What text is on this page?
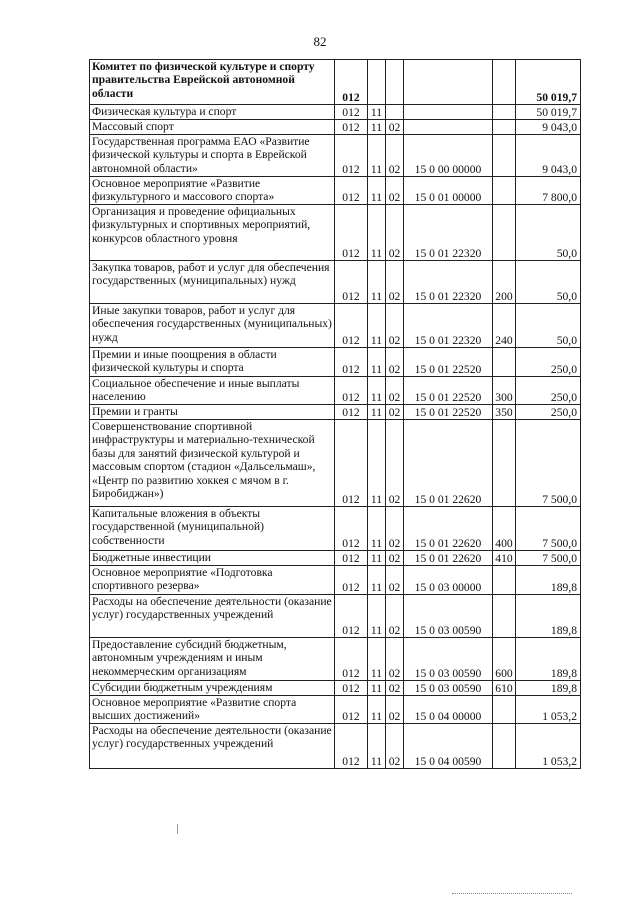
82
Комитет по физической культуре и спорту правительства Еврейской автономной области	012					50 019,7
Физическая культура и спорт	012	11				50 019,7
Массовый спорт	012	11	02			9 043,0
Государственная программа ЕАО «Развитие физической культуры и спорта в Еврейской автономной области»	012	11	02	15 0 00 00000		9 043,0
Основное мероприятие «Развитие физкультурного и массового спорта»	012	11	02	15 0 01 00000		7 800,0
Организация и проведение официальных физкультурных и спортивных мероприятий, конкурсов областного уровня	012	11	02	15 0 01 22320		50,0
Закупка товаров, работ и услуг для обеспечения государственных (муниципальных) нужд	012	11	02	15 0 01 22320	200	50,0
Иные закупки товаров, работ и услуг для обеспечения государственных (муниципальных) нужд	012	11	02	15 0 01 22320	240	50,0
Премии и иные поощрения в области физической культуры и спорта	012	11	02	15 0 01 22520		250,0
Социальное обеспечение и иные выплаты населению	012	11	02	15 0 01 22520	300	250,0
Премии и гранты	012	11	02	15 0 01 22520	350	250,0
Совершенствование спортивной инфраструктуры и материально-технической базы для занятий физической культурой и массовым спортом (стадион «Дальсельмаш», «Центр по развитию хоккея с мячом в г. Биробиджан»)	012	11	02	15 0 01 22620		7 500,0
Капитальные вложения в объекты государственной (муниципальной) собственности	012	11	02	15 0 01 22620	400	7 500,0
Бюджетные инвестиции	012	11	02	15 0 01 22620	410	7 500,0
Основное мероприятие «Подготовка спортивного резерва»	012	11	02	15 0 03 00000		189,8
Расходы на обеспечение деятельности (оказание услуг) государственных учреждений	012	11	02	15 0 03 00590		189,8
Предоставление субсидий бюджетным, автономным учреждениям и иным некоммерческим организациям	012	11	02	15 0 03 00590	600	189,8
Субсидии бюджетным учреждениям	012	11	02	15 0 03 00590	610	189,8
Основное мероприятие «Развитие спорта высших достижений»	012	11	02	15 0 04 00000		1 053,2
Расходы на обеспечение деятельности (оказание услуг) государственных учреждений	012	11	02	15 0 04 00590		1 053,2
